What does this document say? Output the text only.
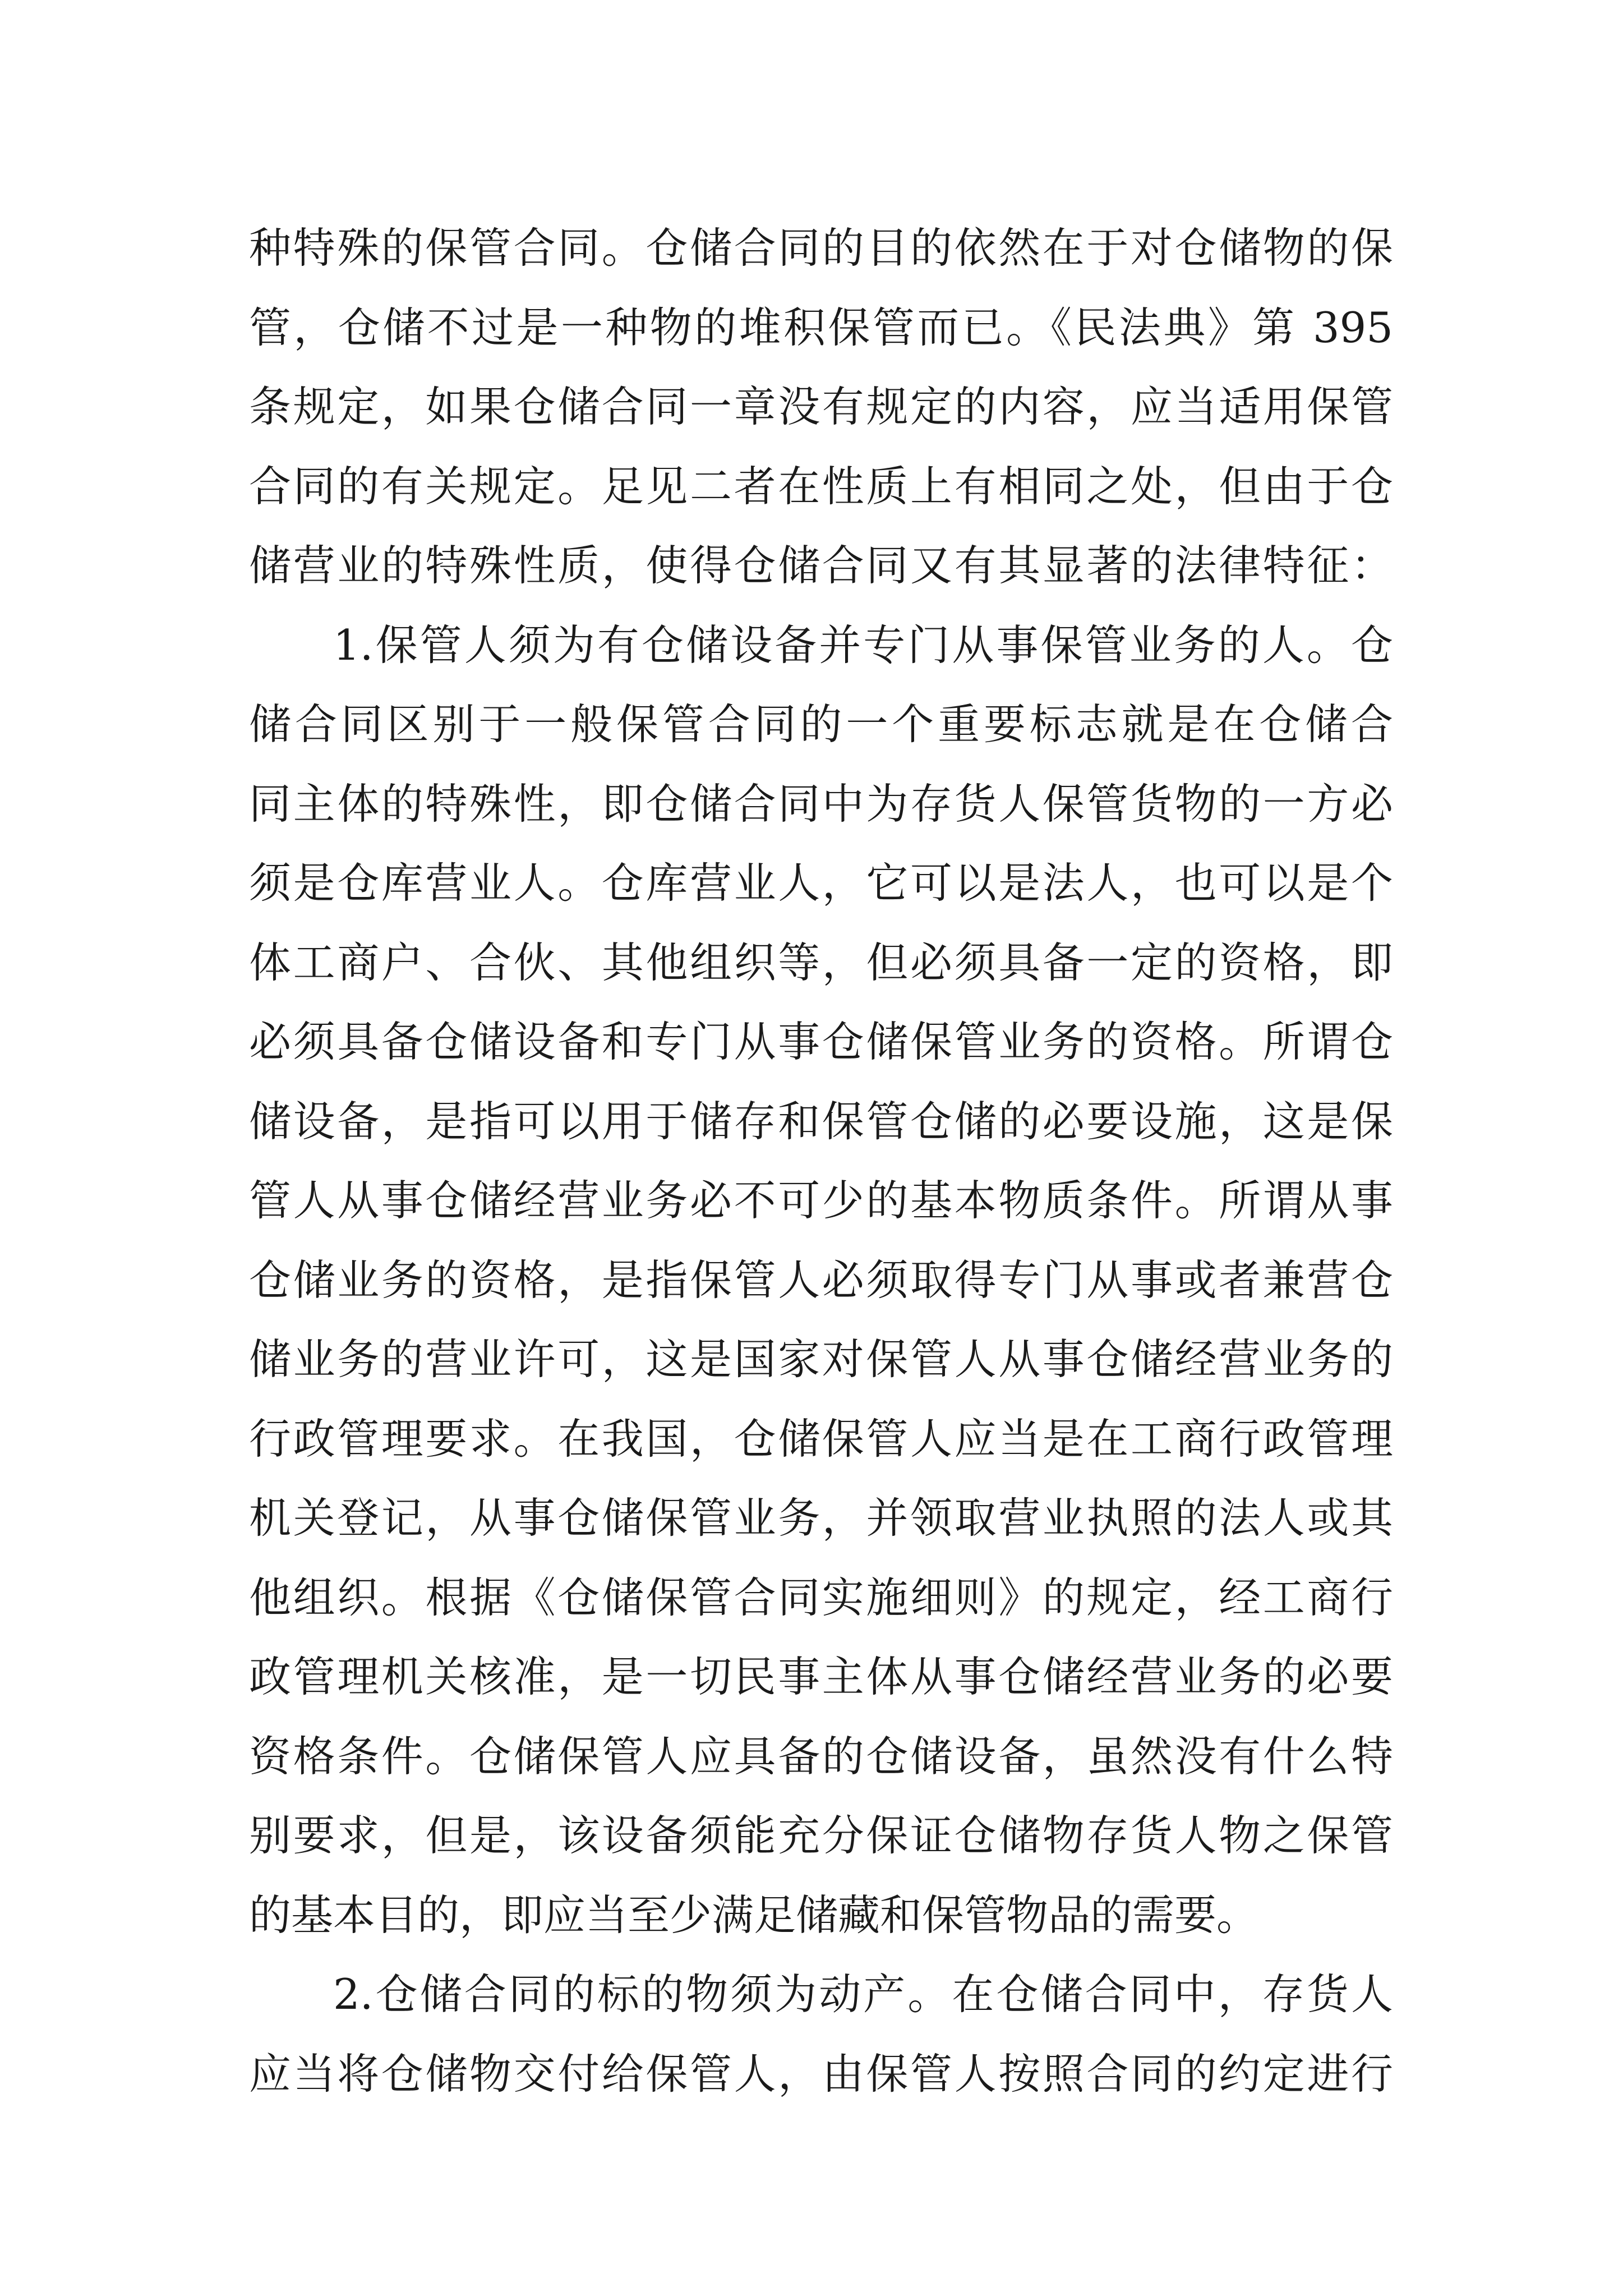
种特殊的保管合同。仓储合同的目的依然在于对仓储物的保
管，仓储不过是一种物的堆积保管而已。《民法典》第 395
条规定，如果仓储合同一章没有规定的内容，应当适用保管
合同的有关规定。足见二者在性质上有相同之处，但由于仓
储营业的特殊性质，使得仓储合同又有其显著的法律特征：
1.保管人须为有仓储设备并专门从事保管业务的人。仓
储合同区别于一般保管合同的一个重要标志就是在仓储合
同主体的特殊性，即仓储合同中为存货人保管货物的一方必
须是仓库营业人。仓库营业人，它可以是法人，也可以是个
体工商户、合伙、其他组织等，但必须具备一定的资格，即
必须具备仓储设备和专门从事仓储保管业务的资格。所谓仓
储设备，是指可以用于储存和保管仓储的必要设施，这是保
管人从事仓储经营业务必不可少的基本物质条件。所谓从事
仓储业务的资格，是指保管人必须取得专门从事或者兼营仓
储业务的营业许可，这是国家对保管人从事仓储经营业务的
行政管理要求。在我国，仓储保管人应当是在工商行政管理
机关登记，从事仓储保管业务，并领取营业执照的法人或其
他组织。根据《仓储保管合同实施细则》的规定，经工商行
政管理机关核准，是一切民事主体从事仓储经营业务的必要
资格条件。仓储保管人应具备的仓储设备，虽然没有什么特
别要求，但是，该设备须能充分保证仓储物存货人物之保管
的基本目的，即应当至少满足储藏和保管物品的需要。
2.仓储合同的标的物须为动产。在仓储合同中，存货人
应当将仓储物交付给保管人，由保管人按照合同的约定进行
